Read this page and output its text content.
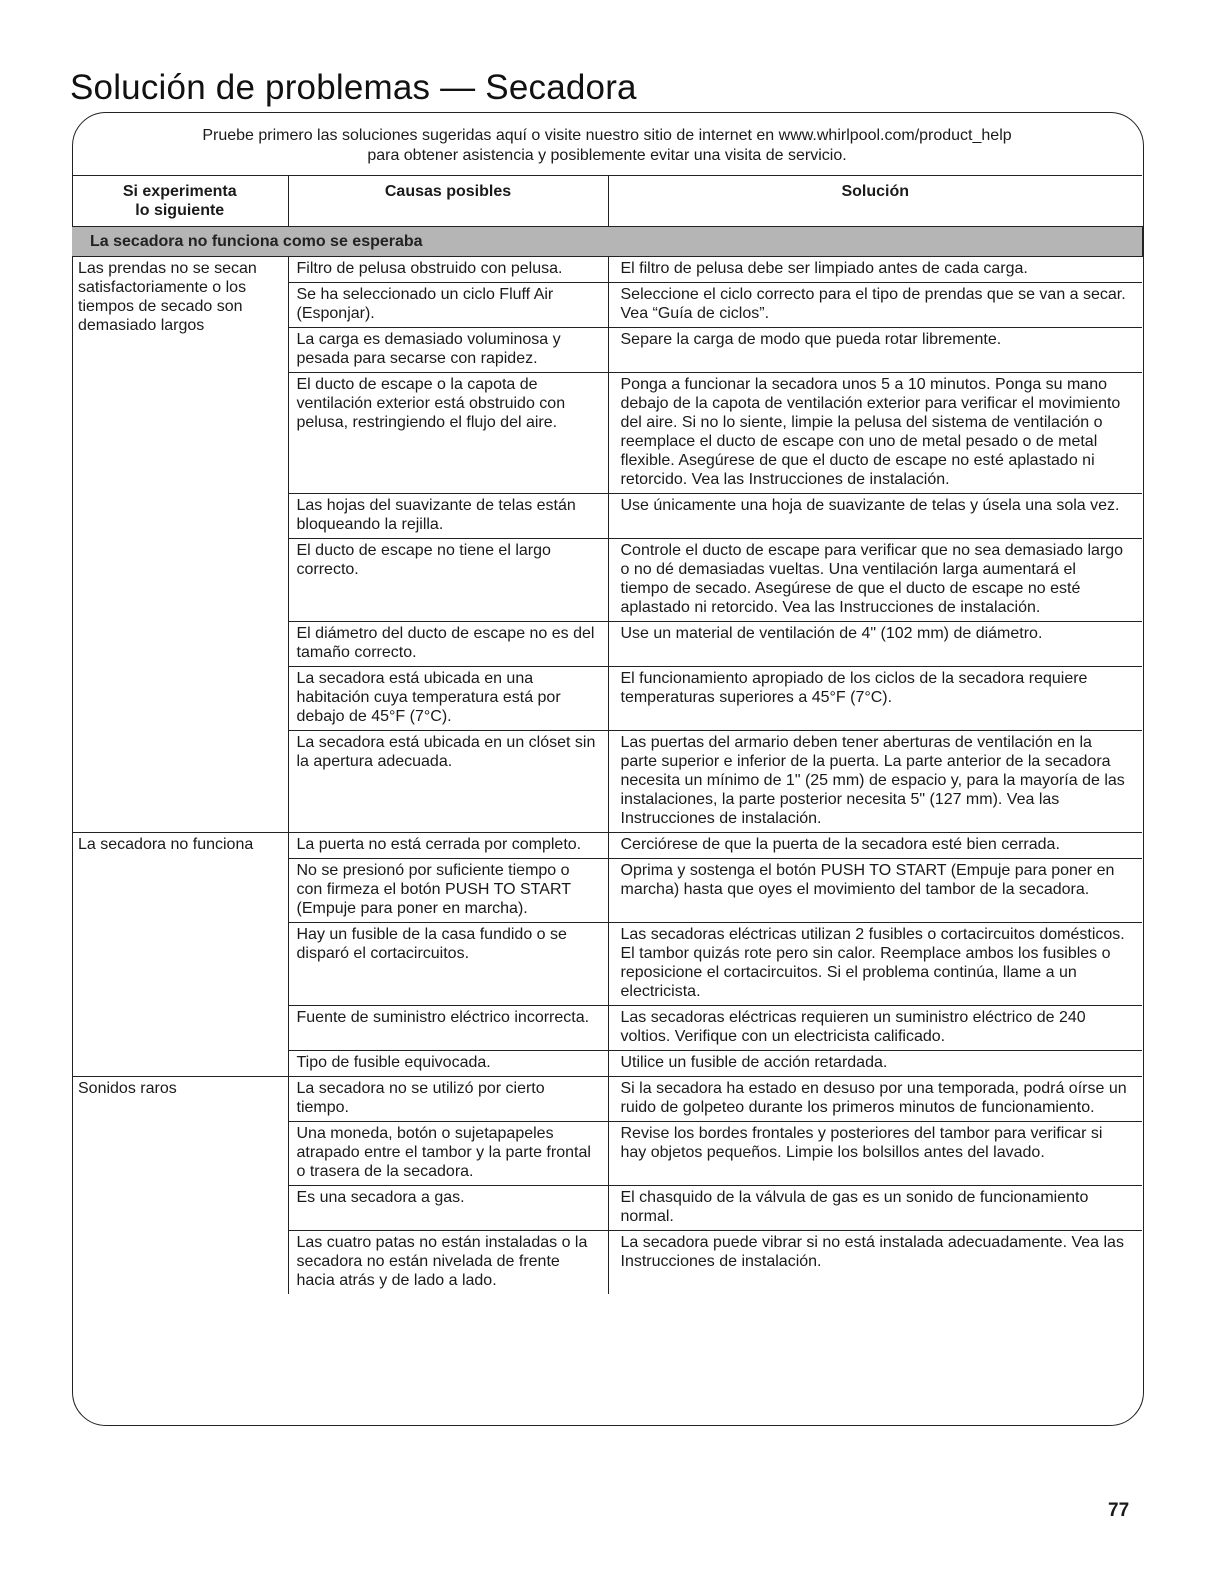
Solución de problemas — Secadora
Pruebe primero las soluciones sugeridas aquí o visite nuestro sitio de internet en www.whirlpool.com/product_help
para obtener asistencia y posiblemente evitar una visita de servicio.
Si experimenta
lo siguiente	Causas posibles	Solución
La secadora no funciona como se esperaba		
Las prendas no se secan satisfactoriamente o los tiempos de secado son demasiado largos	Filtro de pelusa obstruido con pelusa.	El filtro de pelusa debe ser limpiado antes de cada carga.
	Se ha seleccionado un ciclo Fluff Air (Esponjar).	Seleccione el ciclo correcto para el tipo de prendas que se van a secar. Vea “Guía de ciclos”.
	La carga es demasiado voluminosa y pesada para secarse con rapidez.	Separe la carga de modo que pueda rotar libremente.
	El ducto de escape o la capota de ventilación exterior está obstruido con pelusa, restringiendo el flujo del aire.	Ponga a funcionar la secadora unos 5 a 10 minutos. Ponga su mano debajo de la capota de ventilación exterior para verificar el movimiento del aire. Si no lo siente, limpie la pelusa del sistema de ventilación o reemplace el ducto de escape con uno de metal pesado o de metal flexible. Asegúrese de que el ducto de escape no esté aplastado ni retorcido. Vea las Instrucciones de instalación.
	Las hojas del suavizante de telas están bloqueando la rejilla.	Use únicamente una hoja de suavizante de telas y úsela una sola vez.
	El ducto de escape no tiene el largo correcto.	Controle el ducto de escape para verificar que no sea demasiado largo o no dé demasiadas vueltas. Una ventilación larga aumentará el tiempo de secado. Asegúrese de que el ducto de escape no esté aplastado ni retorcido. Vea las Instrucciones de instalación.
	El diámetro del ducto de escape no es del tamaño correcto.	Use un material de ventilación de 4" (102 mm) de diámetro.
	La secadora está ubicada en una habitación cuya temperatura está por debajo de 45°F (7°C).	El funcionamiento apropiado de los ciclos de la secadora requiere temperaturas superiores a 45°F (7°C).
	La secadora está ubicada en un clóset sin la apertura adecuada.	Las puertas del armario deben tener aberturas de ventilación en la parte superior e inferior de la puerta. La parte anterior de la secadora necesita un mínimo de 1" (25 mm) de espacio y, para la mayoría de las instalaciones, la parte posterior necesita 5" (127 mm). Vea las Instrucciones de instalación.
La secadora no funciona	La puerta no está cerrada por completo.	Cerciórese de que la puerta de la secadora esté bien cerrada.
	No se presionó por suficiente tiempo o con firmeza el botón PUSH TO START (Empuje para poner en marcha).	Oprima y sostenga el botón PUSH TO START (Empuje para poner en marcha) hasta que oyes el movimiento del tambor de la secadora.
	Hay un fusible de la casa fundido o se disparó el cortacircuitos.	Las secadoras eléctricas utilizan 2 fusibles o cortacircuitos domésticos. El tambor quizás rote pero sin calor. Reemplace ambos los fusibles o reposicione el cortacircuitos. Si el problema continúa, llame a un electricista.
	Fuente de suministro eléctrico incorrecta.	Las secadoras eléctricas requieren un suministro eléctrico de 240 voltios. Verifique con un electricista calificado.
	Tipo de fusible equivocada.	Utilice un fusible de acción retardada.
Sonidos raros	La secadora no se utilizó por cierto tiempo.	Si la secadora ha estado en desuso por una temporada, podrá oírse un ruido de golpeteo durante los primeros minutos de funcionamiento.
	Una moneda, botón o sujetapapeles atrapado entre el tambor y la parte frontal o trasera de la secadora.	Revise los bordes frontales y posteriores del tambor para verificar si hay objetos pequeños. Limpie los bolsillos antes del lavado.
	Es una secadora a gas.	El chasquido de la válvula de gas es un sonido de funcionamiento normal.
	Las cuatro patas no están instaladas o la secadora no están nivelada de frente hacia atrás y de lado a lado.	La secadora puede vibrar si no está instalada adecuadamente. Vea las Instrucciones de instalación.
77
